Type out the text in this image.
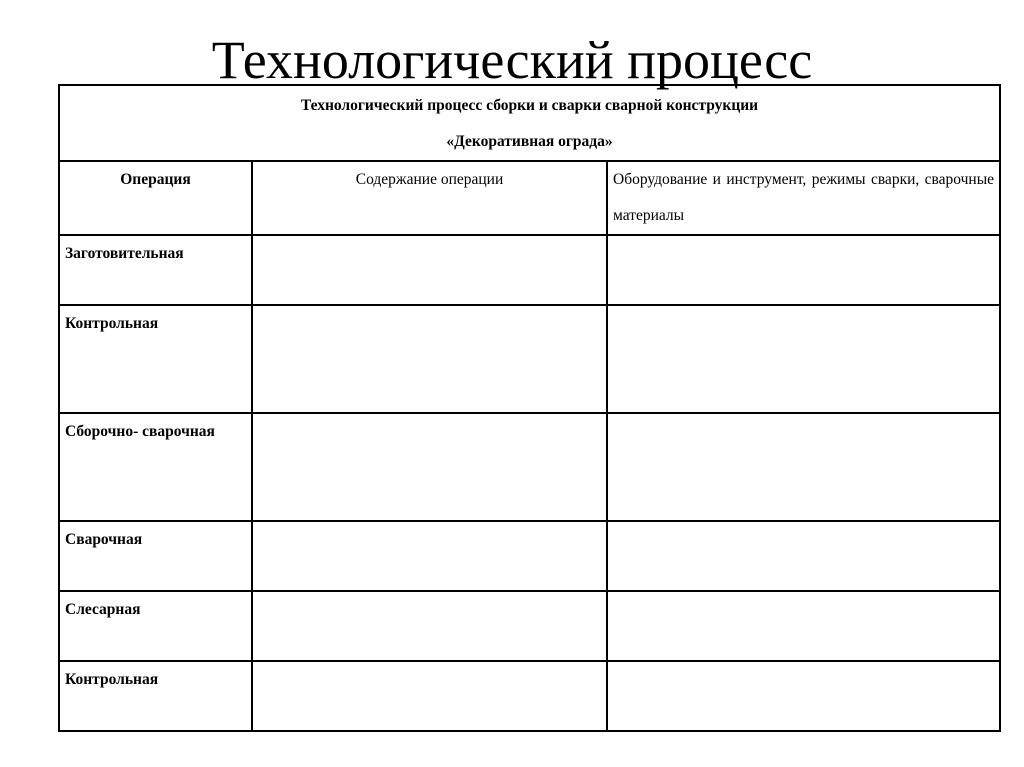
Технологический процесс
Технологический процесс сборки и сварки сварной конструкции
«Декоративная ограда»		

Операция	Содержание операции	Оборудование и инструмент, режимы сварки, сварочные материалы
Заготовительная		
Контрольная		
Сборочно- сварочная		
Сварочная		
Слесарная		
Контрольная		
